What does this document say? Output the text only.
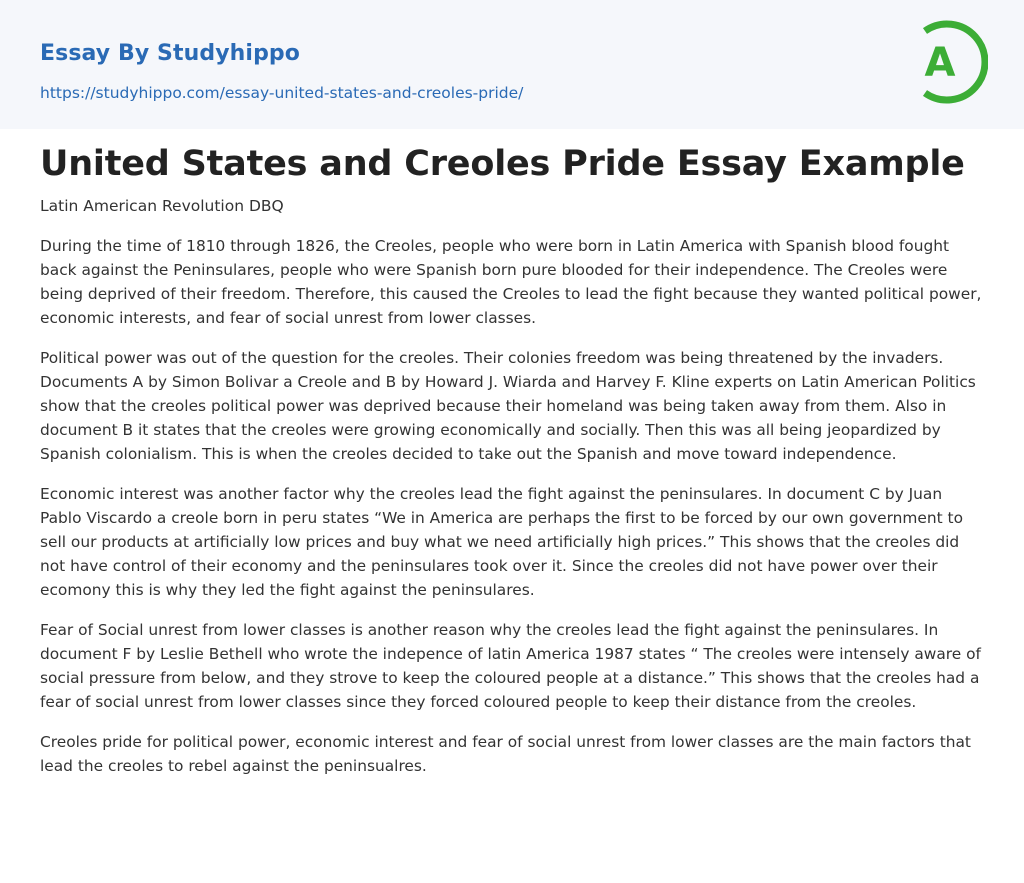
Essay By Studyhippo
https://studyhippo.com/essay-united-states-and-creoles-pride/
A
United States and Creoles Pride Essay Example
Latin American Revolution DBQ

During the time of 1810 through 1826, the Creoles, people who were born in Latin America with Spanish blood fought back against the Peninsulares, people who were Spanish born pure blooded for their independence. The Creoles were being deprived of their freedom. Therefore, this caused the Creoles to lead the fight because they wanted political power, economic interests, and fear of social unrest from lower classes.

Political power was out of the question for the creoles. Their colonies freedom was being threatened by the invaders. Documents A by Simon Bolivar a Creole and B by Howard J. Wiarda and Harvey F. Kline experts on Latin American Politics show that the creoles political power was deprived because their homeland was being taken away from them. Also in document B it states that the creoles were growing economically and socially. Then this was all being jeopardized by Spanish colonialism. This is when the creoles decided to take out the Spanish and move toward independence.

Economic interest was another factor why the creoles lead the fight against the peninsulares. In document C by Juan Pablo Viscardo a creole born in peru states “We in America are perhaps the first to be forced by our own government to sell our products at artificially low prices and buy what we need artificially high prices.” This shows that the creoles did not have control of their economy and the peninsulares took over it. Since the creoles did not have power over their ecomony this is why they led the fight against the peninsulares.

Fear of Social unrest from lower classes is another reason why the creoles lead the fight against the peninsulares. In document F by Leslie Bethell who wrote the indepence of latin America 1987 states “ The creoles were intensely aware of social pressure from below, and they strove to keep the coloured people at a distance.” This shows that the creoles had a fear of social unrest from lower classes since they forced coloured people to keep their distance from the creoles.

Creoles pride for political power, economic interest and fear of social unrest from lower classes are the main factors that lead the creoles to rebel against the peninsualres.
